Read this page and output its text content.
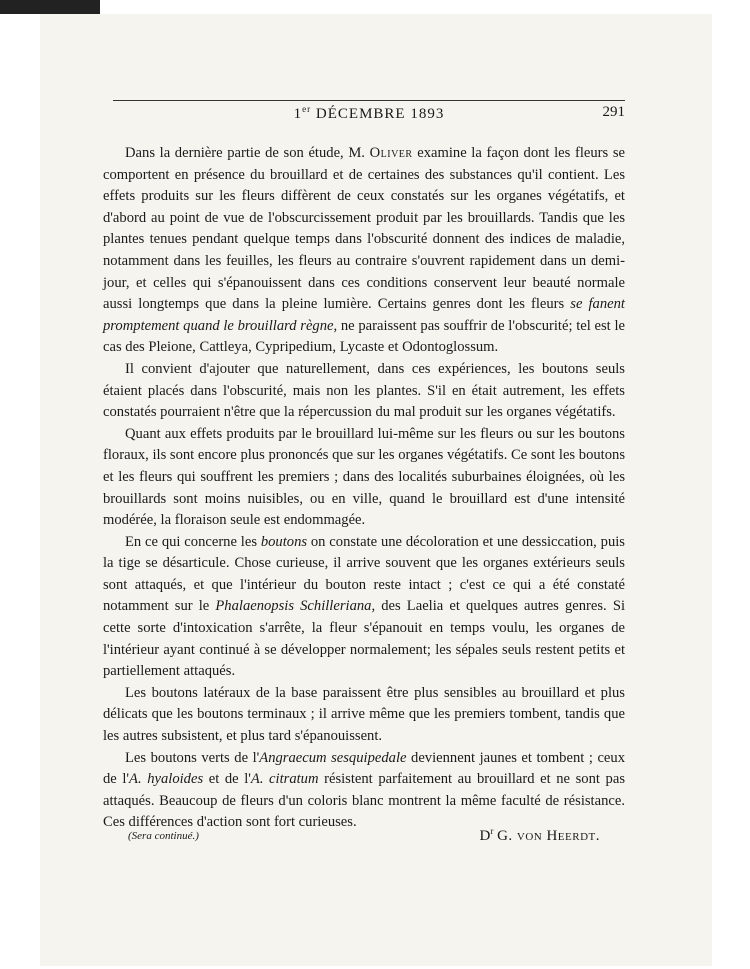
1er DÉCEMBRE 1893	291

Dans la dernière partie de son étude, M. Oliver examine la façon dont les fleurs se comportent en présence du brouillard et de certaines des substances qu'il contient. Les effets produits sur les fleurs diffèrent de ceux constatés sur les organes végétatifs, et d'abord au point de vue de l'obscurcissement produit par les brouillards. Tandis que les plantes tenues pendant quelque temps dans l'obscurité donnent des indices de maladie, notamment dans les feuilles, les fleurs au contraire s'ouvrent rapidement dans un demi-jour, et celles qui s'épanouissent dans ces conditions conservent leur beauté normale aussi longtemps que dans la pleine lumière. Certains genres dont les fleurs se fanent promptement quand le brouillard règne, ne paraissent pas souffrir de l'obscurité; tel est le cas des Pleione, Cattleya, Cypripedium, Lycaste et Odontoglossum.

Il convient d'ajouter que naturellement, dans ces expériences, les boutons seuls étaient placés dans l'obscurité, mais non les plantes. S'il en était autrement, les effets constatés pourraient n'être que la répercussion du mal produit sur les organes végétatifs.

Quant aux effets produits par le brouillard lui-même sur les fleurs ou sur les boutons floraux, ils sont encore plus prononcés que sur les organes végétatifs. Ce sont les boutons et les fleurs qui souffrent les premiers ; dans des localités suburbaines éloignées, où les brouillards sont moins nuisibles, ou en ville, quand le brouillard est d'une intensité modérée, la floraison seule est endommagée.

En ce qui concerne les boutons on constate une décoloration et une dessiccation, puis la tige se désarticule. Chose curieuse, il arrive souvent que les organes extérieurs seuls sont attaqués, et que l'intérieur du bouton reste intact ; c'est ce qui a été constaté notamment sur le Phalaenopsis Schilleriana, des Laelia et quelques autres genres. Si cette sorte d'intoxication s'arrête, la fleur s'épanouit en temps voulu, les organes de l'intérieur ayant continué à se développer normalement; les sépales seuls restent petits et partiellement attaqués.

Les boutons latéraux de la base paraissent être plus sensibles au brouillard et plus délicats que les boutons terminaux ; il arrive même que les premiers tombent, tandis que les autres subsistent, et plus tard s'épanouissent.

Les boutons verts de l'Angraecum sesquipedale deviennent jaunes et tombent ; ceux de l'A. hyaloides et de l'A. citratum résistent parfaitement au brouillard et ne sont pas attaqués. Beaucoup de fleurs d'un coloris blanc montrent la même faculté de résistance. Ces différences d'action sont fort curieuses.

(Sera continué.)	$D^r$ G. von Heerdt.
